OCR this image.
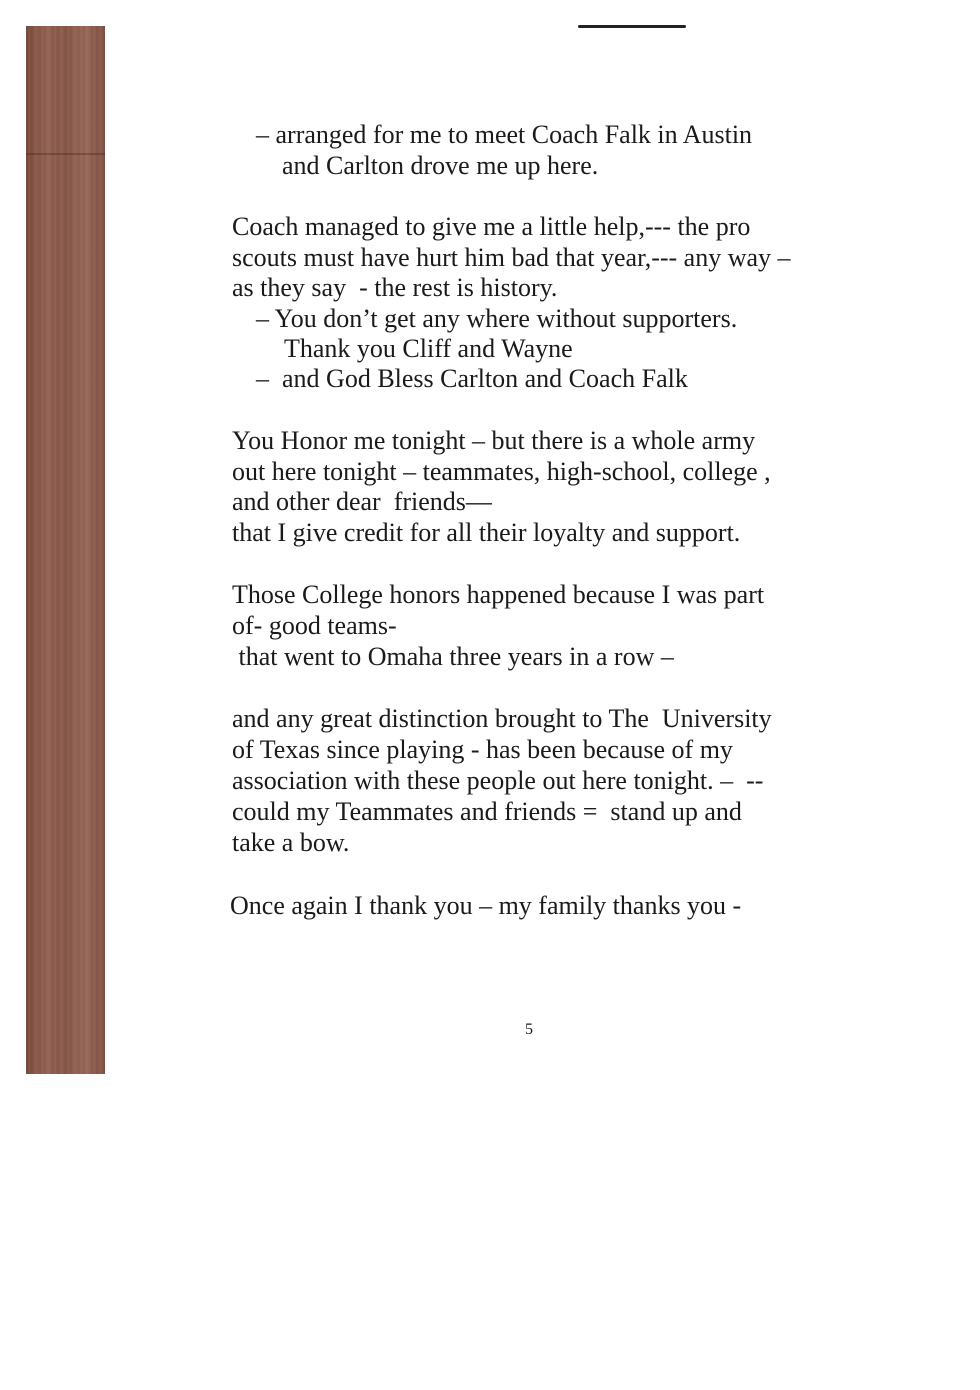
– arranged for me to meet Coach Falk in Austin
and Carlton drove me up here.
Coach managed to give me a little help,--- the pro
scouts must have hurt him bad that year,--- any way –
as they say  - the rest is history.
– You don’t get any where without supporters.
Thank you Cliff and Wayne
–  and God Bless Carlton and Coach Falk
You Honor me tonight – but there is a whole army
out here tonight – teammates, high-school, college ,
and other dear  friends—
that I give credit for all their loyalty and support.
Those College honors happened because I was part
of- good teams-
that went to Omaha three years in a row –
and any great distinction brought to The  University
of Texas since playing - has been because of my
association with these people out here tonight. –  --
could my Teammates and friends =  stand up and
take a bow.
Once again I thank you – my family thanks you -
5
